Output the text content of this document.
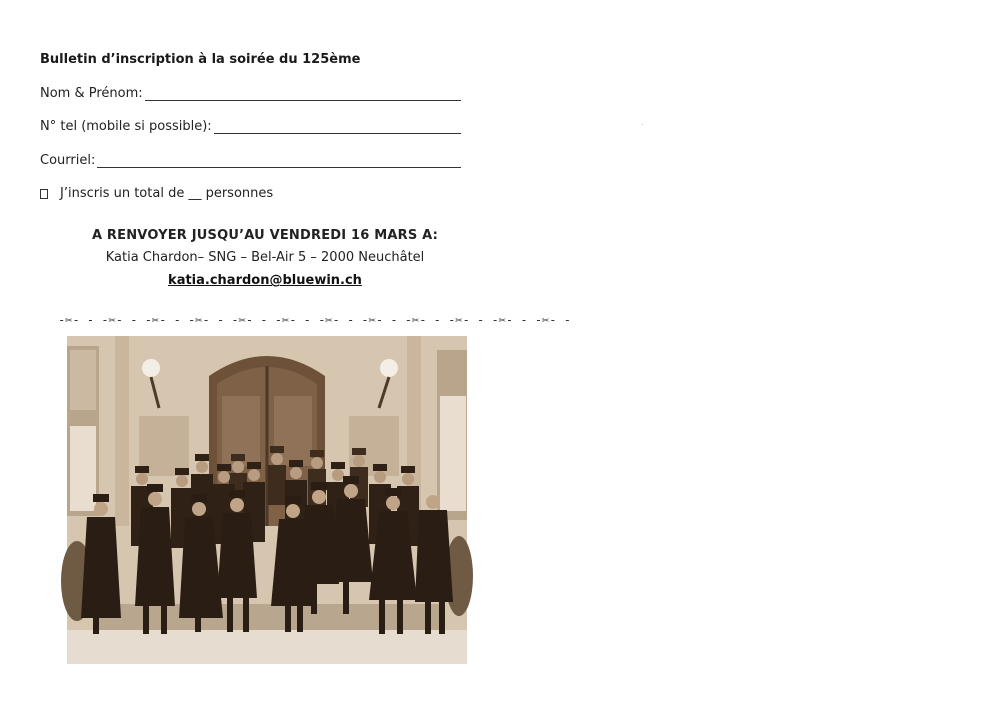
Bulletin d’inscription à la soirée du 125ème
Nom & Prénom:
N° tel (mobile si possible):
Courriel:
J’inscris un total de __ personnes
A RENVOYER JUSQU’AU VENDREDI 16 MARS A:
Katia Chardon– SNG – Bel-Air 5 – 2000 Neuchâtel
katia.chardon@bluewin.ch
-✂- - -✂- - -✂- - -✂- - -✂- - -✂- - -✂- - -✂- - -✂- - -✂- - -✂- - -✂- -
